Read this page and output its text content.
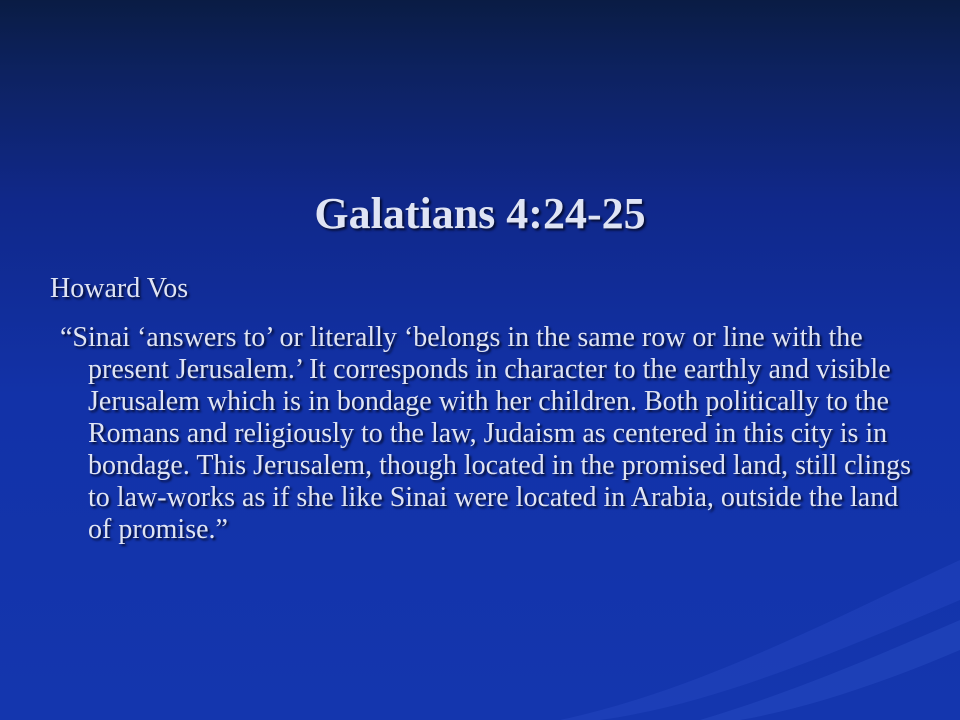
Galatians 4:24-25

Howard Vos

“Sinai ‘answers to’ or literally ‘belongs in the same row or line with the present Jerusalem.’ It corresponds in character to the earthly and visible Jerusalem which is in bondage with her children. Both politically to the Romans and religiously to the law, Judaism as centered in this city is in bondage. This Jerusalem, though located in the promised land, still clings to law-works as if she like Sinai were located in Arabia, outside the land of promise.”
